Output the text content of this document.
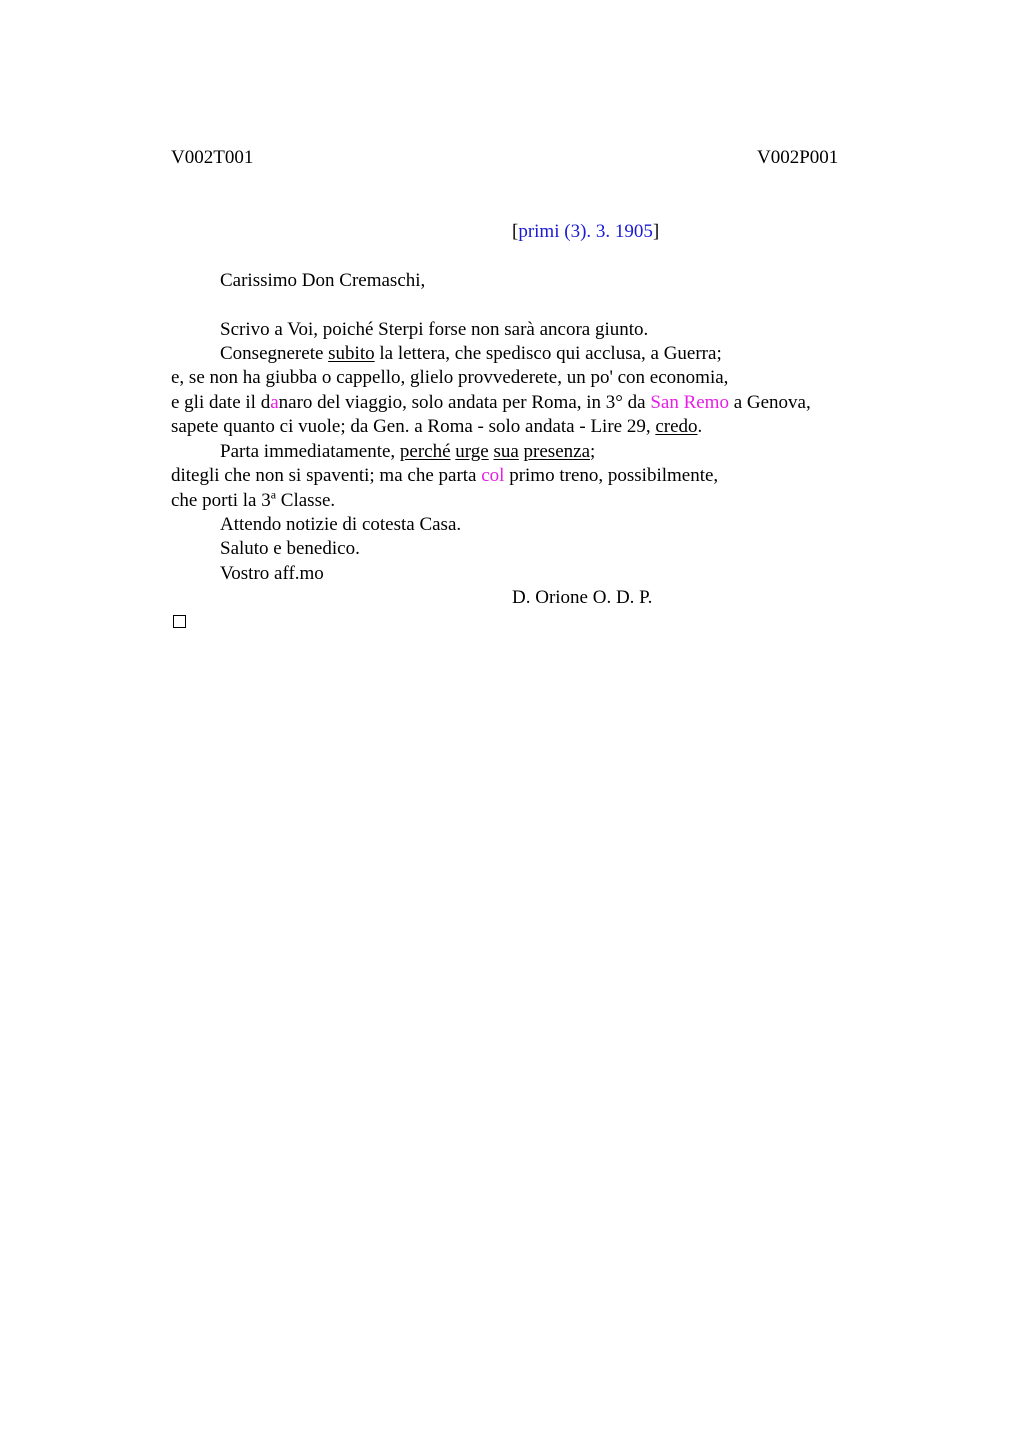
V002T001	V002P001
[primi (3). 3. 1905]
Carissimo Don Cremaschi,
Scrivo a Voi, poiché Sterpi forse non sarà ancora giunto.
Consegnerete subito la lettera, che spedisco qui acclusa, a Guerra;
e, se non ha giubba o cappello, glielo provvederete, un po' con economia,
e gli date il danaro del viaggio, solo andata per Roma, in 3° da San Remo a Genova,
sapete quanto ci vuole; da Gen. a Roma - solo andata - Lire 29, credo.
Parta immediatamente, perché urge sua presenza;
ditegli che non si spaventi; ma che parta col primo treno, possibilmente,
che porti la 3$^a$ Classe.
Attendo notizie di cotesta Casa.
Saluto e benedico.
Vostro aff.mo
D. Orione O. D. P.
